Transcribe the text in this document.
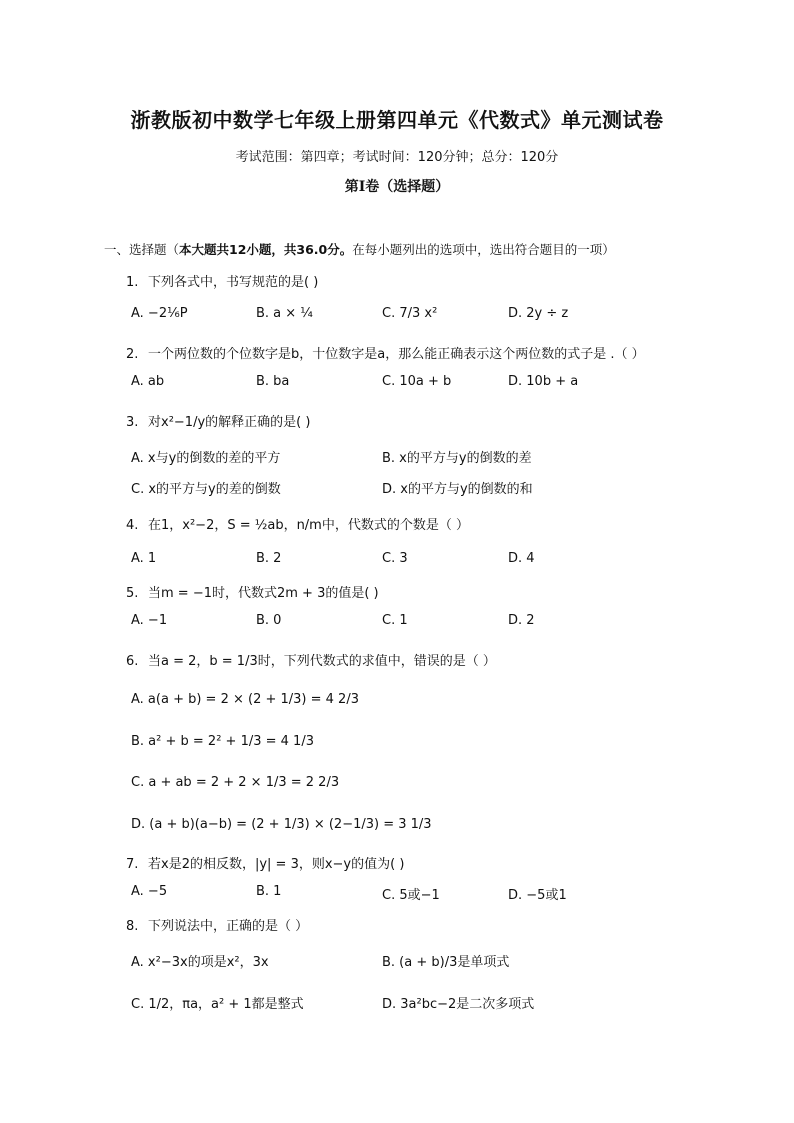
浙教版初中数学七年级上册第四单元《代数式》单元测试卷
考试范围：第四章；考试时间：120分钟；总分：120分
第I卷（选择题）
一、选择题（本大题共12小题，共36.0分。在每小题列出的选项中，选出符合题目的一项）
1. 下列各式中，书写规范的是( )
A. −2⅙P	B. a × ¼	C. 7/3 x²	D. 2y ÷ z
2. 一个两位数的个位数字是b，十位数字是a，那么能正确表示这个两位数的式子是 .（ ）
A. ab	B. ba	C. 10a + b	D. 10b + a
3. 对x²−1/y的解释正确的是( )
A. x与y的倒数的差的平方	B. x的平方与y的倒数的差
C. x的平方与y的差的倒数	D. x的平方与y的倒数的和
4. 在1，x²−2，S = ½ab，n/m中，代数式的个数是（ ）
A. 1	B. 2	C. 3	D. 4
5. 当m = −1时，代数式2m + 3的值是( )
A. −1	B. 0	C. 1	D. 2
6. 当a = 2，b = 1/3时，下列代数式的求值中，错误的是（ ）
A. a(a + b) = 2 × (2 + 1/3) = 4 2/3
B. a² + b = 2² + 1/3 = 4 1/3
C. a + ab = 2 + 2 × 1/3 = 2 2/3
D. (a + b)(a−b) = (2 + 1/3) × (2−1/3) = 3 1/3
7. 若x是2的相反数，|y| = 3，则x−y的值为( )
A. −5	B. 1	C. 5或−1	D. −5或1
8. 下列说法中，正确的是（ ）
A. x²−3x的项是x²，3x	B. (a + b)/3是单项式
C. 1/2，πa，a² + 1都是整式	D. 3a²bc−2是二次多项式
